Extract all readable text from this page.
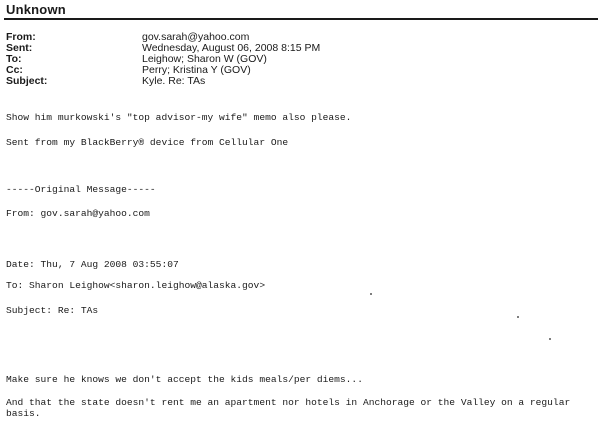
Unknown
From:	gov.sarah@yahoo.com
Sent:	Wednesday, August 06, 2008 8:15 PM
To:	Leighow; Sharon W (GOV)
Cc:	Perry; Kristina Y (GOV)
Subject:	Kyle. Re: TAs
Show him murkowski's "top advisor-my wife" memo also please.
Sent from my BlackBerry® device from Cellular One
-----Original Message-----
From: gov.sarah@yahoo.com
Date: Thu, 7 Aug 2008 03:55:07
To: Sharon Leighow<sharon.leighow@alaska.gov>
Subject: Re: TAs
Make sure he knows we don't accept the kids meals/per diems...
And that the state doesn't rent me an apartment nor hotels in Anchorage or the Valley on a regular basis.
